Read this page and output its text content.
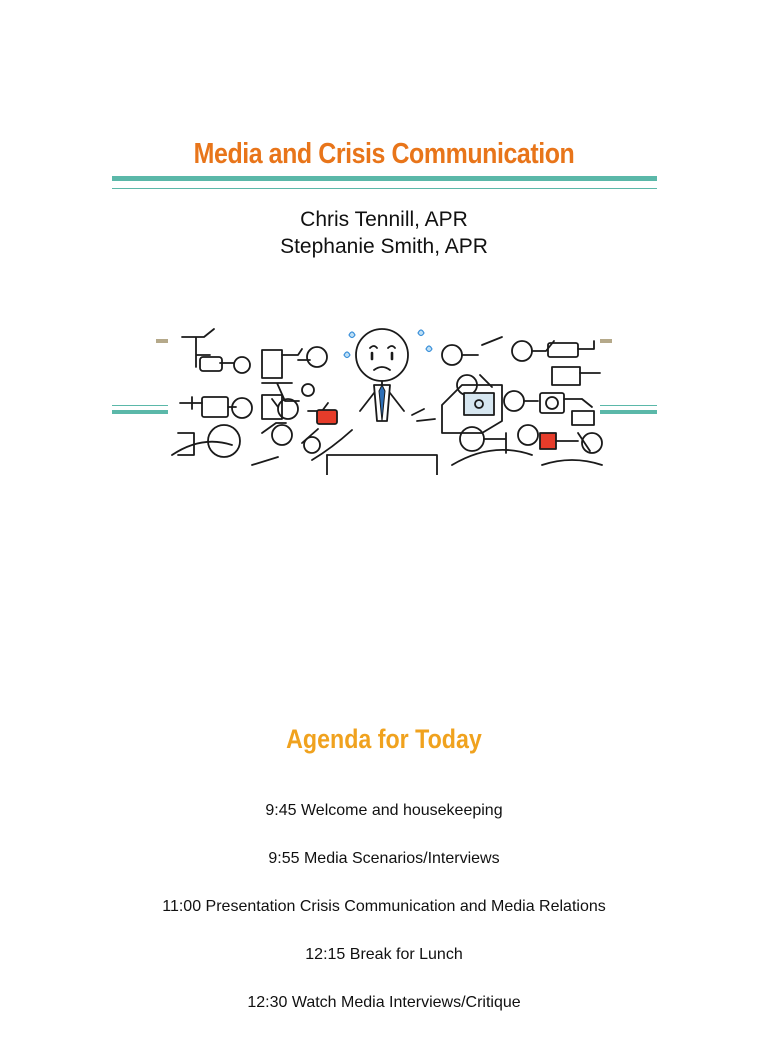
Media and Crisis Communication
Chris Tennill, APR
Stephanie Smith, APR
Agenda for Today
9:45 Welcome and housekeeping
9:55 Media Scenarios/Interviews
11:00 Presentation Crisis Communication and Media Relations
12:15 Break for Lunch
12:30 Watch Media Interviews/Critique
